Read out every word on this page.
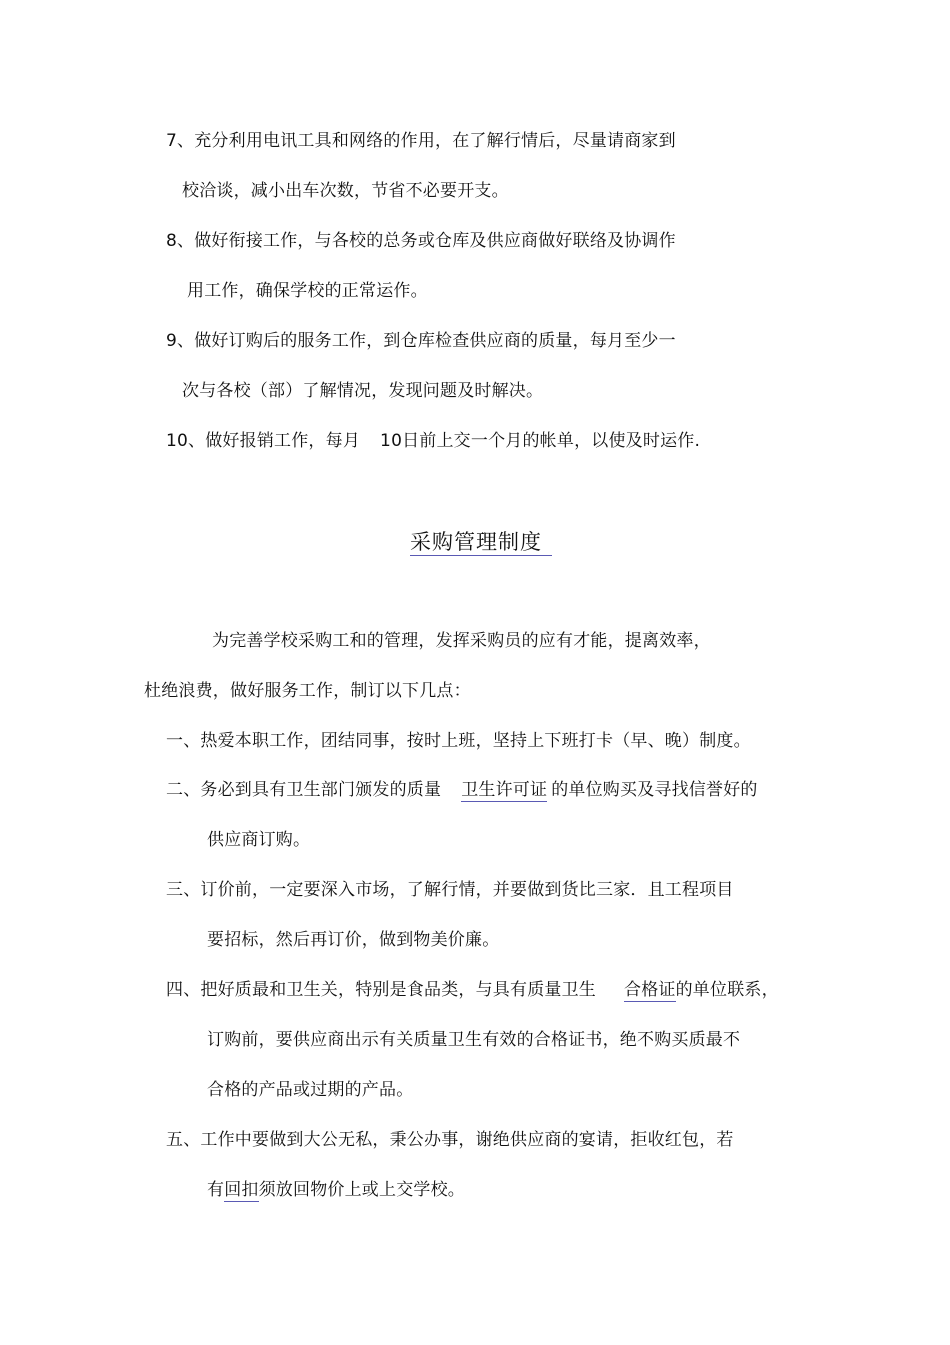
7、充分利用电讯工具和网络的作用，在了解行情后，尽量请商家到
校洽谈，减小出车次数，节省不必要开支。
8、做好衔接工作，与各校的总务或仓库及供应商做好联络及协调作
用工作，确保学校的正常运作。
9、做好订购后的服务工作，到仓库检查供应商的质量，每月至少一
次与各校（部）了解情况，发现问题及时解决。
10、做好报销工作，每月 10日前上交一个月的帐单，以使及时运作.
采购管理制度
为完善学校采购工和的管理，发挥采购员的应有才能，提离效率，
杜绝浪费，做好服务工作，制订以下几点：
一、热爱本职工作，团结同事，按时上班，坚持上下班打卡（早、晚）制度。
二、务必到具有卫生部门颁发的质量 卫生许可证 的单位购买及寻找信誉好的
供应商订购。
三、订价前，一定要深入市场，了解行情，并要做到货比三家．且工程项目
要招标，然后再订价，做到物美价廉。
四、把好质最和卫生关，特别是食品类，与具有质量卫生 合格证的单位联系，
订购前，要供应商出示有关质量卫生有效的合格证书，绝不购买质最不
合格的产品或过期的产品。
五、工作中要做到大公无私，秉公办事，谢绝供应商的宴请，拒收红包，若
有回扣须放回物价上或上交学校。
